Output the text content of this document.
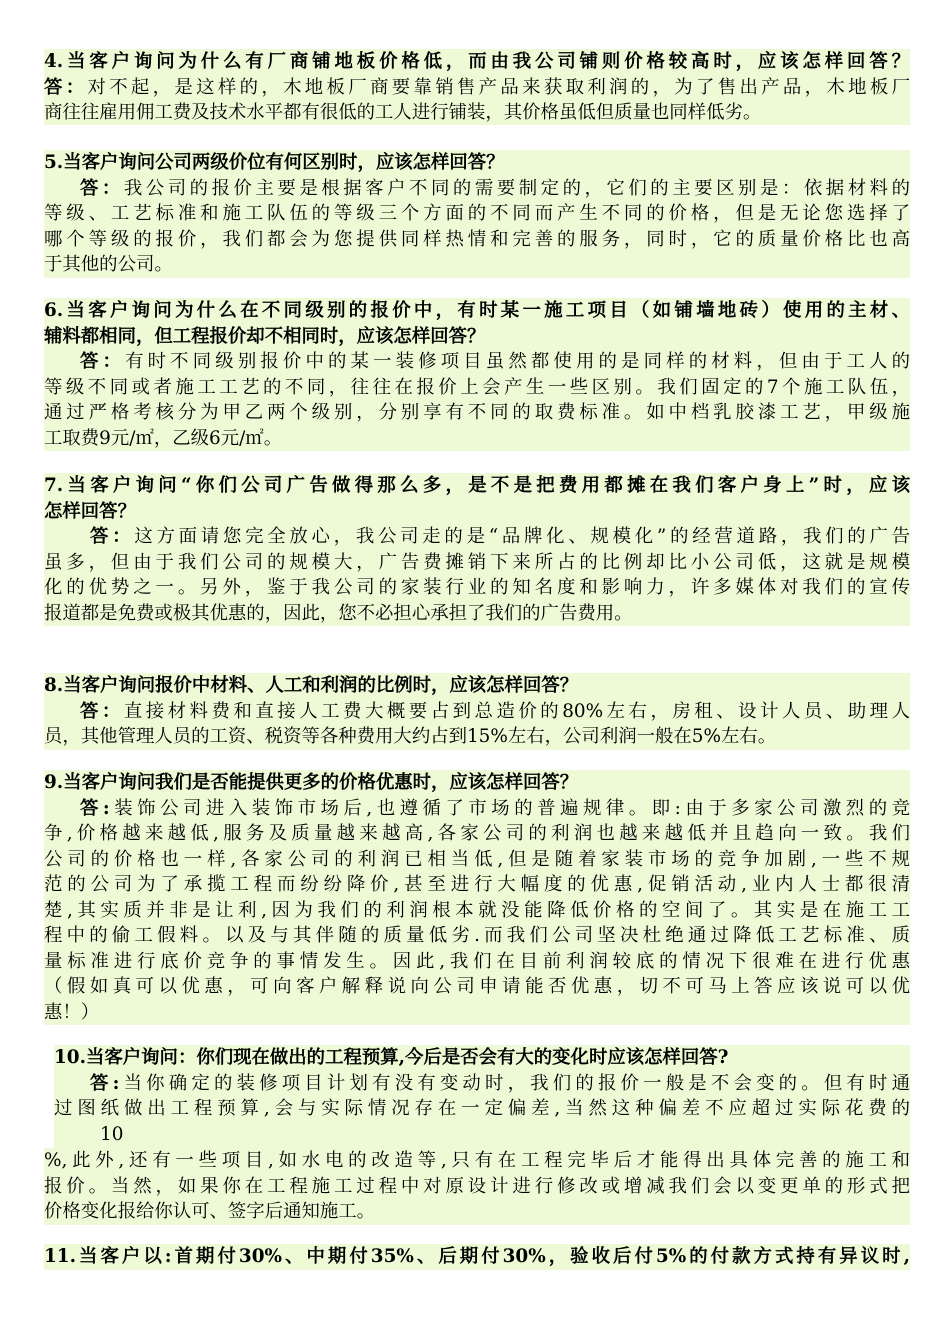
4.当客户询问为什么有厂商铺地板价格低，而由我公司铺则价格较高时，应该怎样回答？
答：对不起，是这样的，木地板厂商要靠销售产品来获取利润的，为了售出产品，木地板厂
商往往雇用佣工费及技术水平都有很低的工人进行铺装，其价格虽低但质量也同样低劣。
5.当客户询问公司两级价位有何区别时，应该怎样回答？
答：我公司的报价主要是根据客户不同的需要制定的，它们的主要区别是：依据材料的
等级、工艺标准和施工队伍的等级三个方面的不同而产生不同的价格，但是无论您选择了
哪个等级的报价，我们都会为您提供同样热情和完善的服务，同时，它的质量价格比也高
于其他的公司。
6.当客户询问为什么在不同级别的报价中，有时某一施工项目（如铺墙地砖）使用的主材、
辅料都相同，但工程报价却不相同时，应该怎样回答？
答：有时不同级别报价中的某一装修项目虽然都使用的是同样的材料，但由于工人的
等级不同或者施工工艺的不同，往往在报价上会产生一些区别。我们固定的7个施工队伍，
通过严格考核分为甲乙两个级别，分别享有不同的取费标准。如中档乳胶漆工艺，甲级施
工取费9元/㎡，乙级6元/㎡。
7.当客户询问“你们公司广告做得那么多，是不是把费用都摊在我们客户身上”时，应该
怎样回答？
答：这方面请您完全放心，我公司走的是“品牌化、规模化”的经营道路，我们的广告
虽多，但由于我们公司的规模大，广告费摊销下来所占的比例却比小公司低，这就是规模
化的优势之一。另外，鉴于我公司的家装行业的知名度和影响力，许多媒体对我们的宣传
报道都是免费或极其优惠的，因此，您不必担心承担了我们的广告费用。
8.当客户询问报价中材料、人工和利润的比例时，应该怎样回答？
答：直接材料费和直接人工费大概要占到总造价的80%左右，房租、设计人员、助理人
员，其他管理人员的工资、税资等各种费用大约占到15%左右，公司利润一般在5%左右。
9.当客户询问我们是否能提供更多的价格优惠时，应该怎样回答？
答:装饰公司进入装饰市场后,也遵循了市场的普遍规律。即:由于多家公司激烈的竞
争,价格越来越低,服务及质量越来越高,各家公司的利润也越来越低并且趋向一致。我们
公司的价格也一样,各家公司的利润已相当低,但是随着家装市场的竞争加剧,一些不规
范的公司为了承揽工程而纷纷降价,甚至进行大幅度的优惠,促销活动,业内人士都很清
楚,其实质并非是让利,因为我们的利润根本就没能降低价格的空间了。其实是在施工工
程中的偷工假料。以及与其伴随的质量低劣.而我们公司坚决杜绝通过降低工艺标准、质
量标准进行底价竞争的事情发生。因此,我们在目前利润较底的情况下很难在进行优惠
（假如真可以优惠，可向客户解释说向公司申请能否优惠，切不可马上答应该说可以优
惠！）
10.当客户询问：你们现在做出的工程预算,今后是否会有大的变化时应该怎样回答?
答:当你确定的装修项目计划有没有变动时，我们的报价一般是不会变的。但有时通
过图纸做出工程预算,会与实际情况存在一定偏差,当然这种偏差不应超过实际花费的
10
%,此外,还有一些项目,如水电的改造等,只有在工程完毕后才能得出具体完善的施工和
报价。当然，如果你在工程施工过程中对原设计进行修改或增减我们会以变更单的形式把
价格变化报给你认可、签字后通知施工。
11.当客户以:首期付30%、中期付35%、后期付30%，验收后付5%的付款方式持有异议时,
